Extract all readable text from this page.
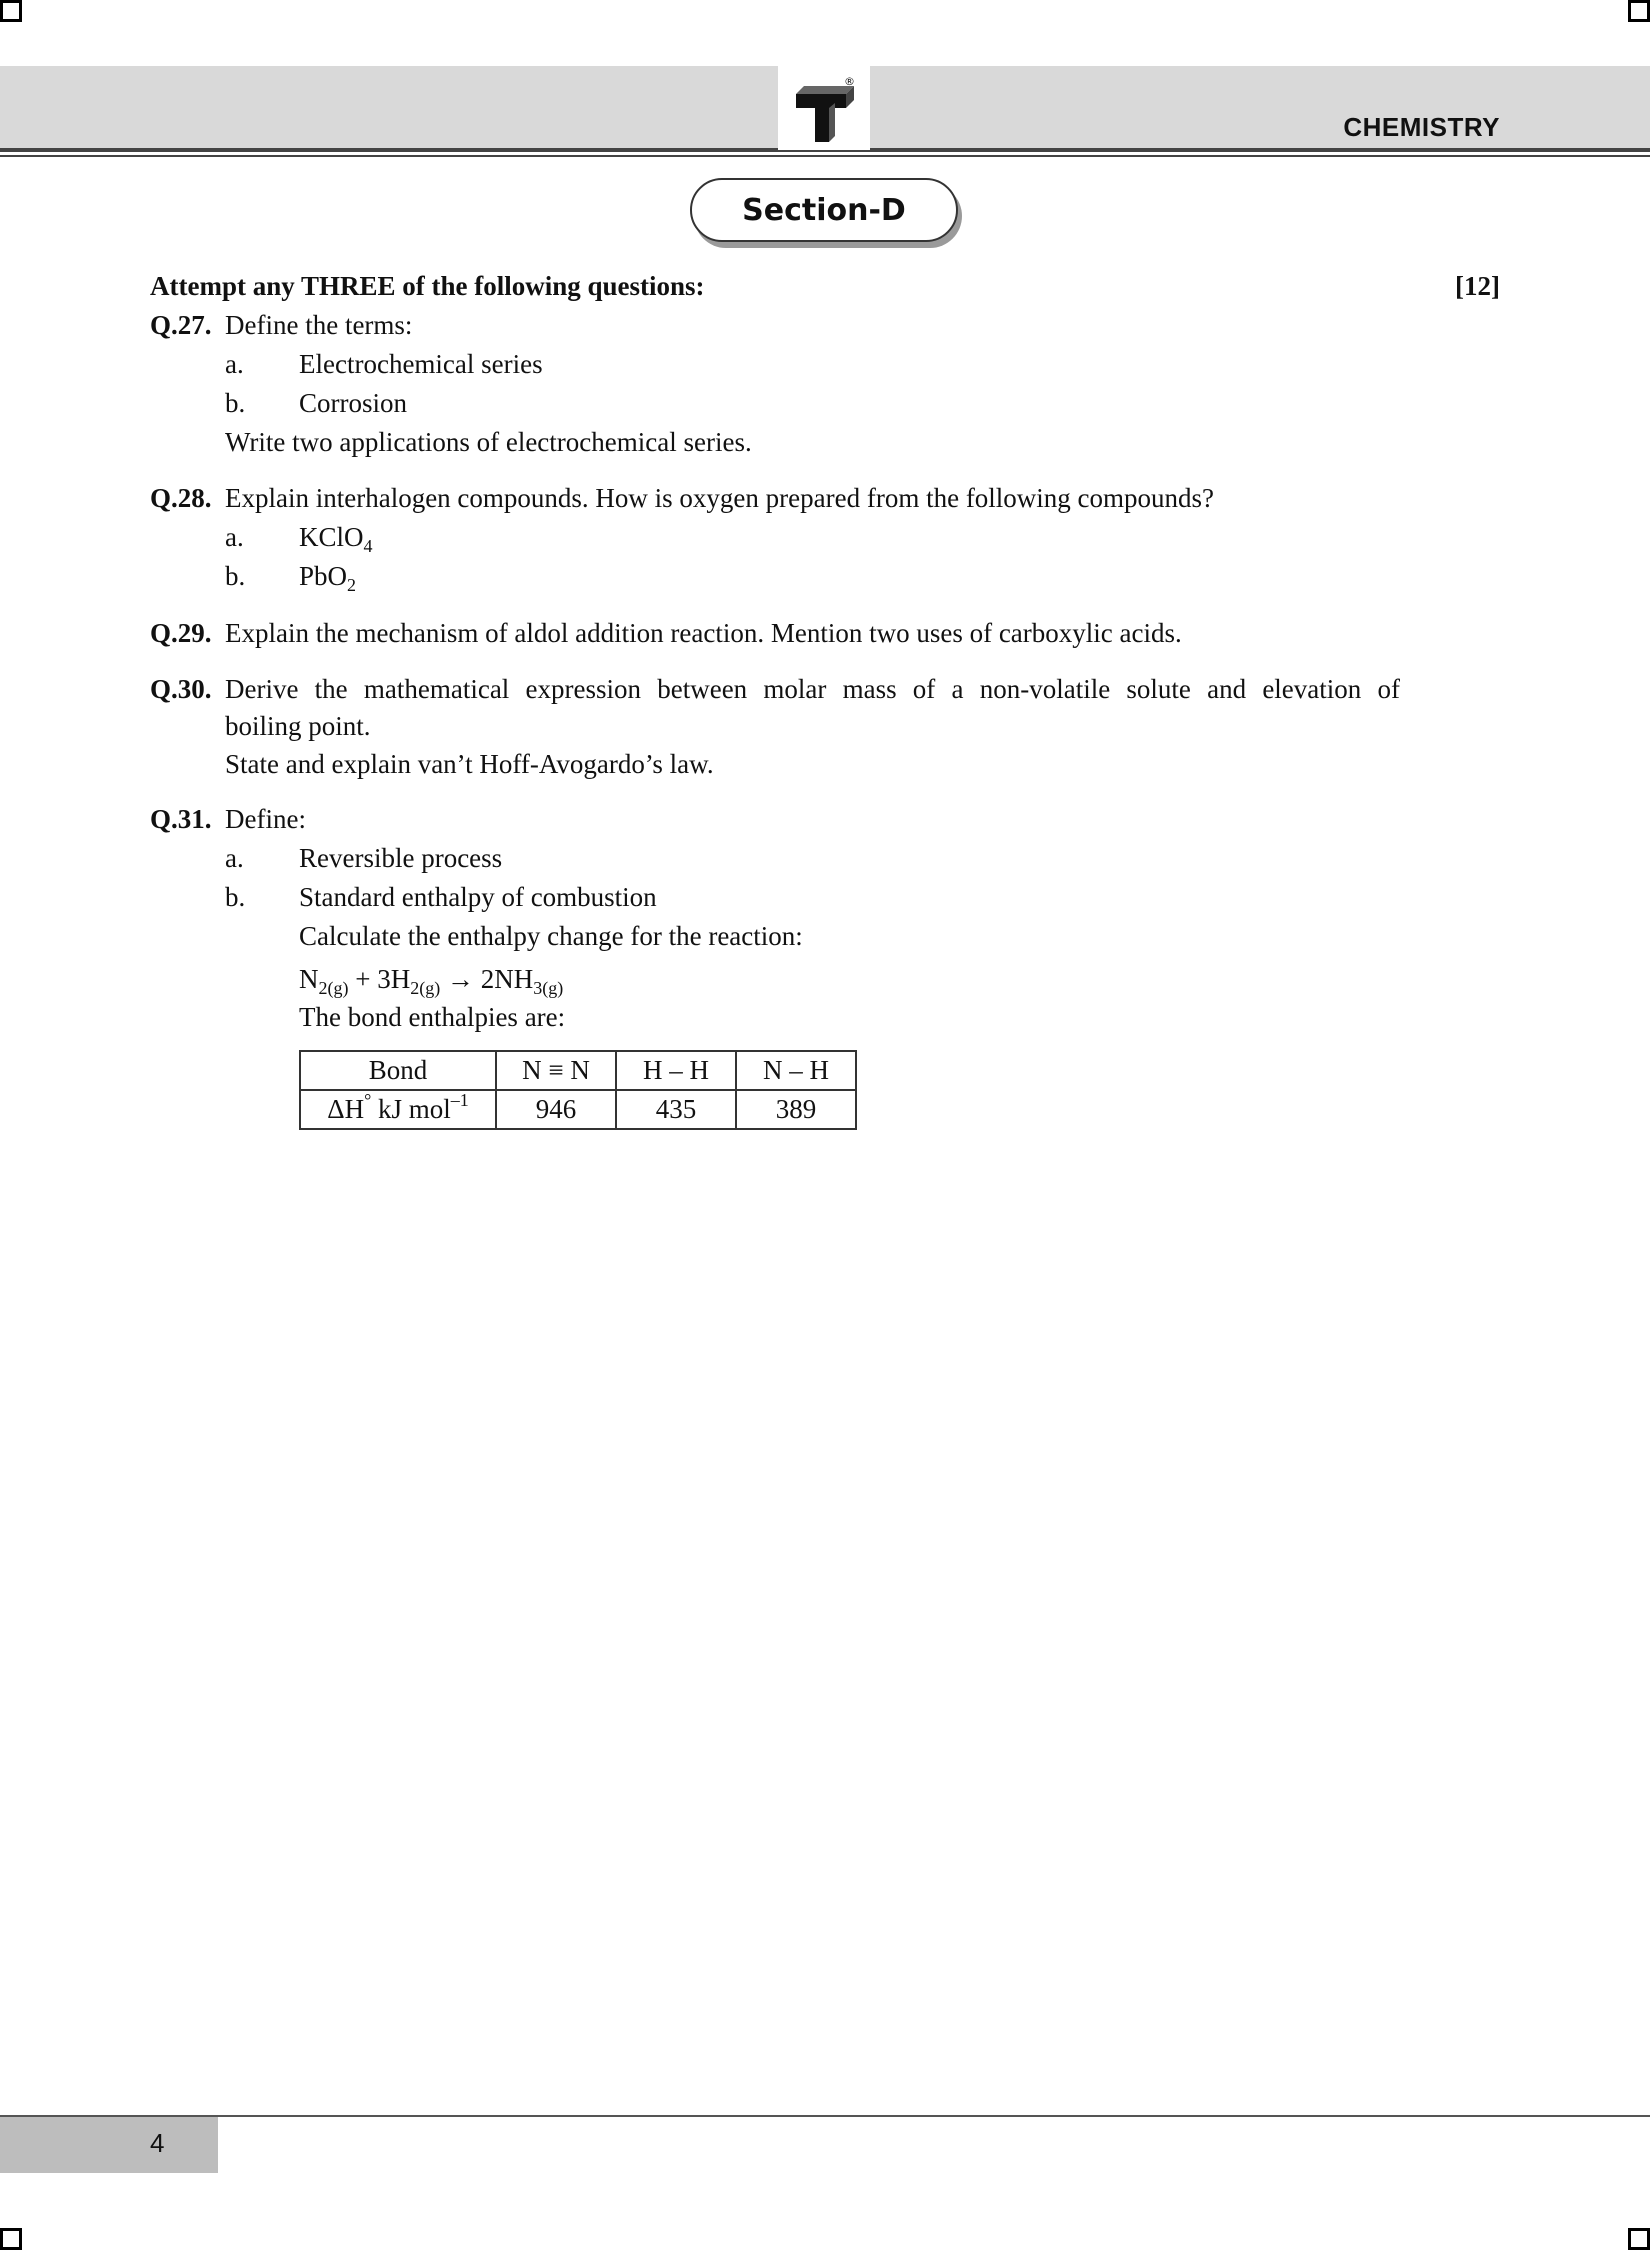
®
CHEMISTRY
Section-D
Attempt any THREE of the following questions:	[12]
Q.27. Define the terms:
a. Electrochemical series
b. Corrosion
Write two applications of electrochemical series.
Q.28. Explain interhalogen compounds. How is oxygen prepared from the following compounds?
a. KClO$_4$
b. PbO$_2$
Q.29. Explain the mechanism of aldol addition reaction. Mention two uses of carboxylic acids.
Q.30. Derive the mathematical expression between molar mass of a non-volatile solute and elevation of
boiling point.
State and explain van’t Hoff-Avogardo’s law.
Q.31. Define:
a. Reversible process
b. Standard enthalpy of combustion
Calculate the enthalpy change for the reaction:
$N_{2(g)} + 3H_{2(g)} \to 2NH_{3(g)}$
The bond enthalpies are:
Bond	N ≡ N	H – H	N – H
ΔH° kJ mol$^{-1}$	946	435	389
4
